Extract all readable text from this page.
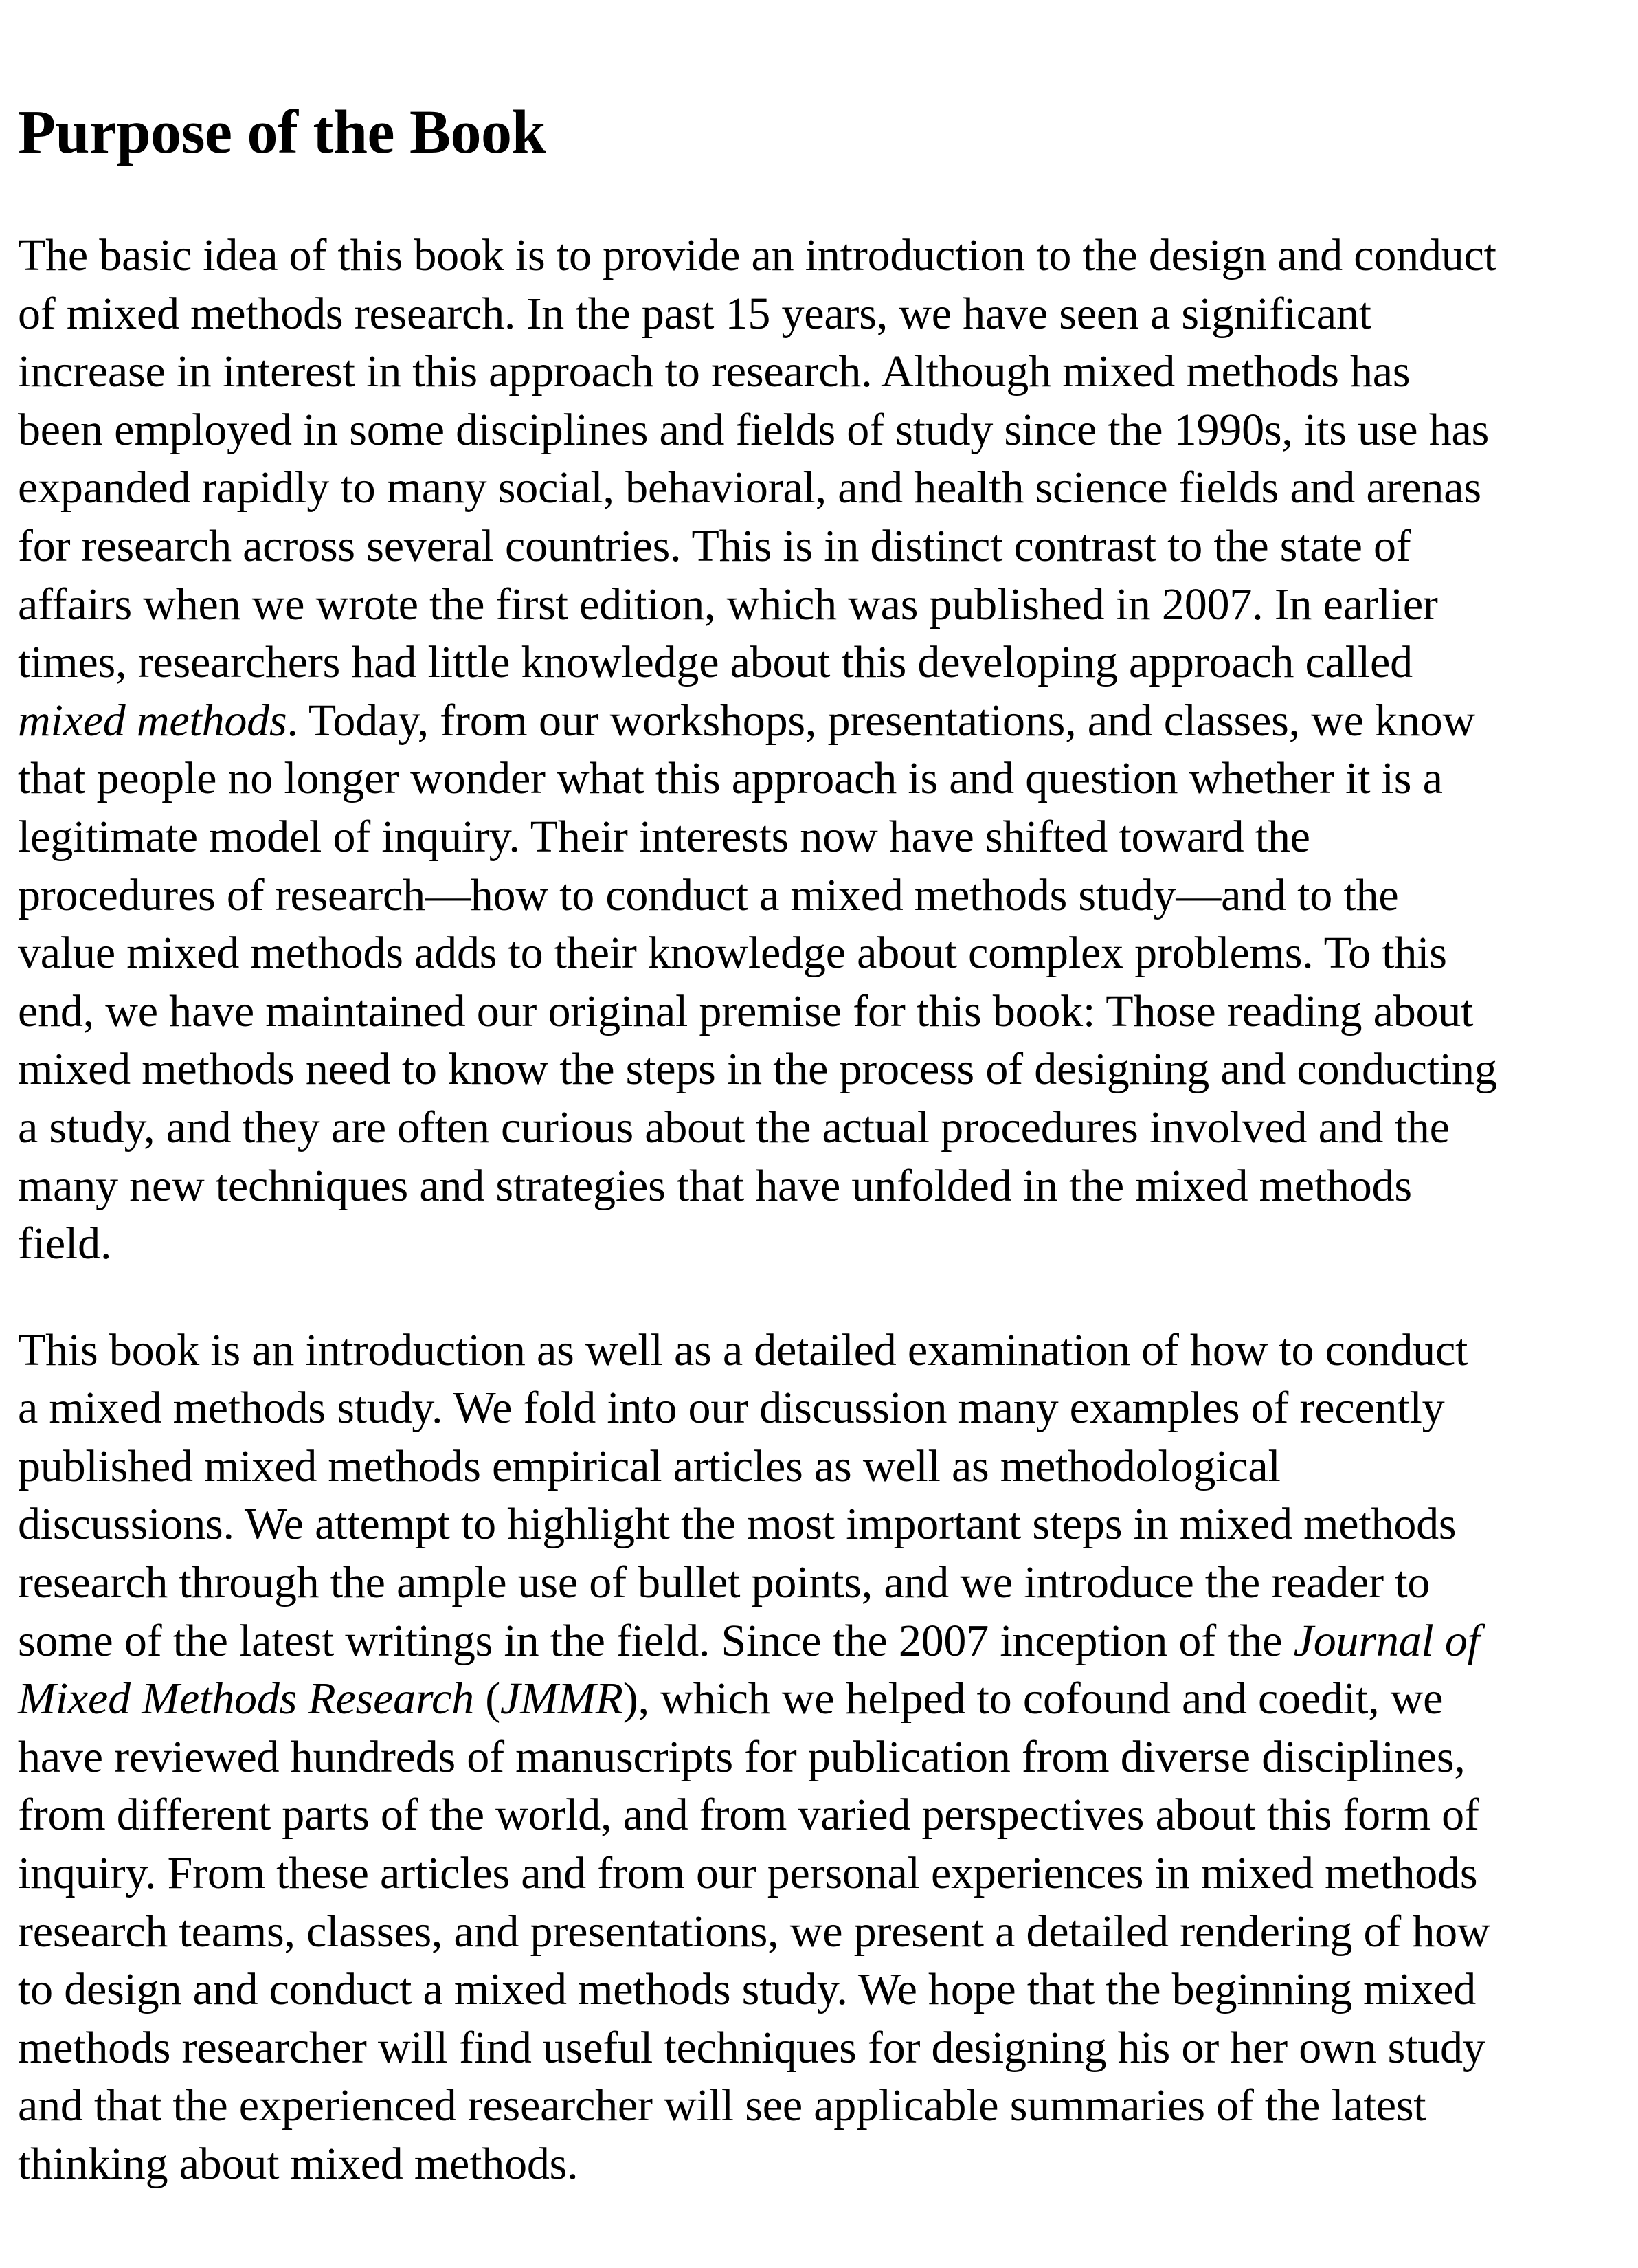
Purpose of the Book

The basic idea of this book is to provide an introduction to the design and conduct
of mixed methods research. In the past 15 years, we have seen a significant
increase in interest in this approach to research. Although mixed methods has
been employed in some disciplines and fields of study since the 1990s, its use has
expanded rapidly to many social, behavioral, and health science fields and arenas
for research across several countries. This is in distinct contrast to the state of
affairs when we wrote the first edition, which was published in 2007. In earlier
times, researchers had little knowledge about this developing approach called
mixed methods. Today, from our workshops, presentations, and classes, we know
that people no longer wonder what this approach is and question whether it is a
legitimate model of inquiry. Their interests now have shifted toward the
procedures of research—how to conduct a mixed methods study—and to the
value mixed methods adds to their knowledge about complex problems. To this
end, we have maintained our original premise for this book: Those reading about
mixed methods need to know the steps in the process of designing and conducting
a study, and they are often curious about the actual procedures involved and the
many new techniques and strategies that have unfolded in the mixed methods
field.

This book is an introduction as well as a detailed examination of how to conduct
a mixed methods study. We fold into our discussion many examples of recently
published mixed methods empirical articles as well as methodological
discussions. We attempt to highlight the most important steps in mixed methods
research through the ample use of bullet points, and we introduce the reader to
some of the latest writings in the field. Since the 2007 inception of the Journal of
Mixed Methods Research (JMMR), which we helped to cofound and coedit, we
have reviewed hundreds of manuscripts for publication from diverse disciplines,
from different parts of the world, and from varied perspectives about this form of
inquiry. From these articles and from our personal experiences in mixed methods
research teams, classes, and presentations, we present a detailed rendering of how
to design and conduct a mixed methods study. We hope that the beginning mixed
methods researcher will find useful techniques for designing his or her own study
and that the experienced researcher will see applicable summaries of the latest
thinking about mixed methods.
